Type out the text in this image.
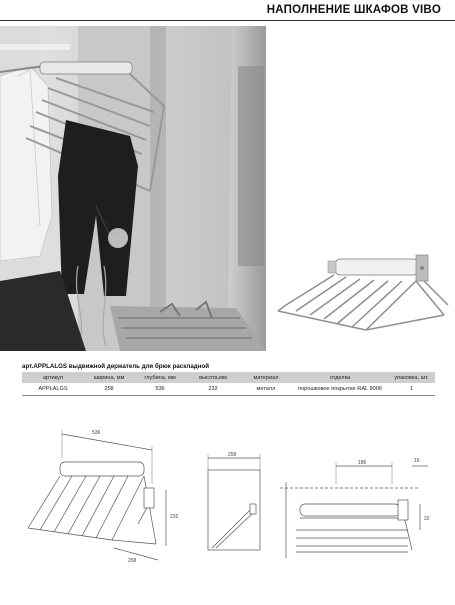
НАПОЛНЕНИЕ ШКАФОВ VIBO
арт.APPLALGS выдвижной держатель для брюк раскладной
артикул	ширина, мм	глубина, мм	высота,мм	материал	отделка	упаковка, шт.
APPLALGS	258	536	232	металл	порошковое покрытие RAL 9006	1
536
232
258
258
186	16
22
